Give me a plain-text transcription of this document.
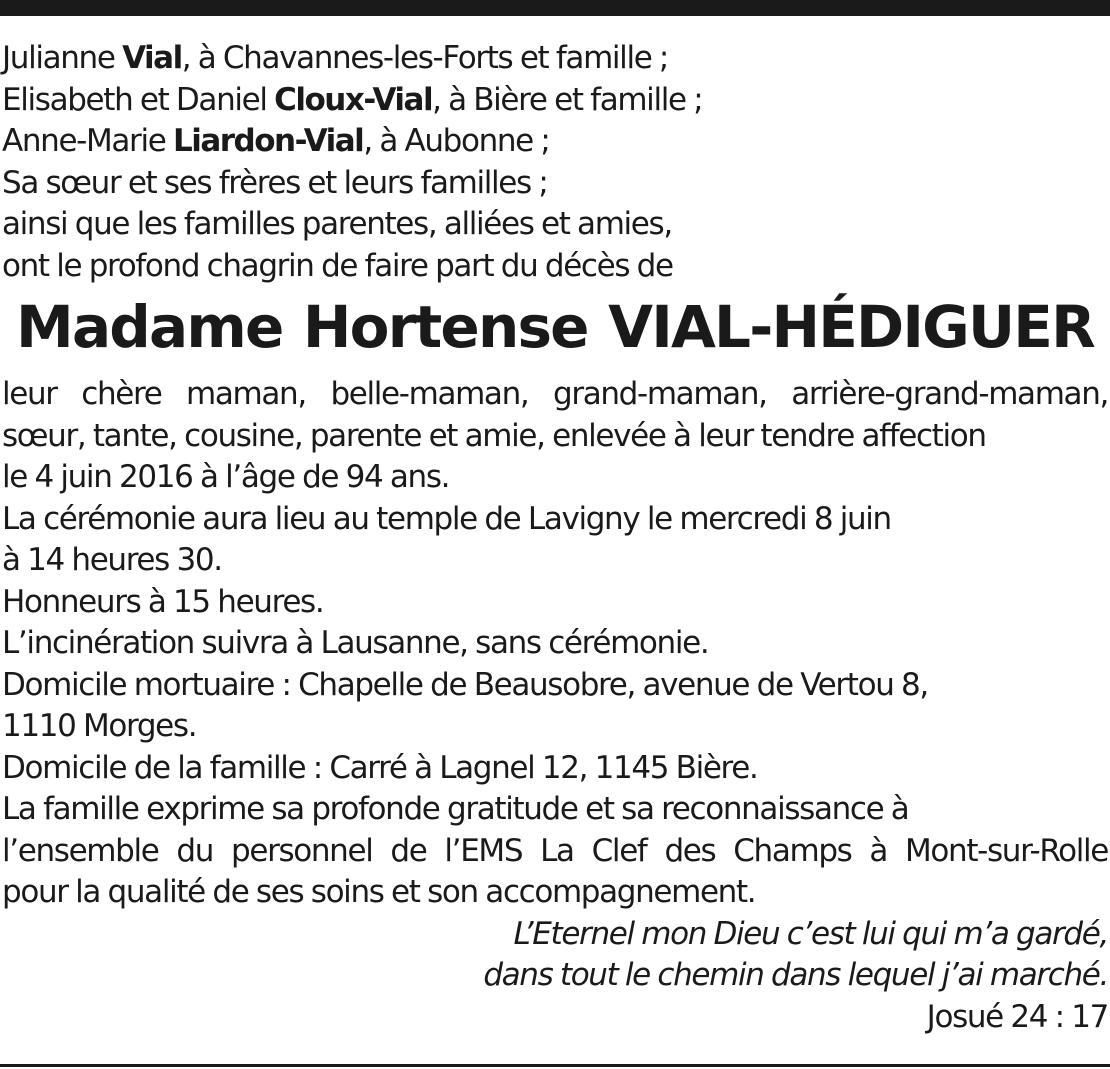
Julianne Vial, à Chavannes-les-Forts et famille ;
Elisabeth et Daniel Cloux-Vial, à Bière et famille ;
Anne-Marie Liardon-Vial, à Aubonne ;
Sa sœur et ses frères et leurs familles ;
ainsi que les familles parentes, alliées et amies,
ont le profond chagrin de faire part du décès de
Madame Hortense VIAL-HÉDIGUER
leur chère maman, belle-maman, grand-maman, arrière-grand-maman,
sœur, tante, cousine, parente et amie, enlevée à leur tendre affection
le 4 juin 2016 à l’âge de 94 ans.
La cérémonie aura lieu au temple de Lavigny le mercredi 8 juin
à 14 heures 30.
Honneurs à 15 heures.
L’incinération suivra à Lausanne, sans cérémonie.
Domicile mortuaire : Chapelle de Beausobre, avenue de Vertou 8,
1110 Morges.
Domicile de la famille : Carré à Lagnel 12, 1145 Bière.
La famille exprime sa profonde gratitude et sa reconnaissance à
l’ensemble du personnel de l’EMS La Clef des Champs à Mont-sur-Rolle
pour la qualité de ses soins et son accompagnement.
L’Eternel mon Dieu c’est lui qui m’a gardé,
dans tout le chemin dans lequel j’ai marché.
Josué 24 : 17
